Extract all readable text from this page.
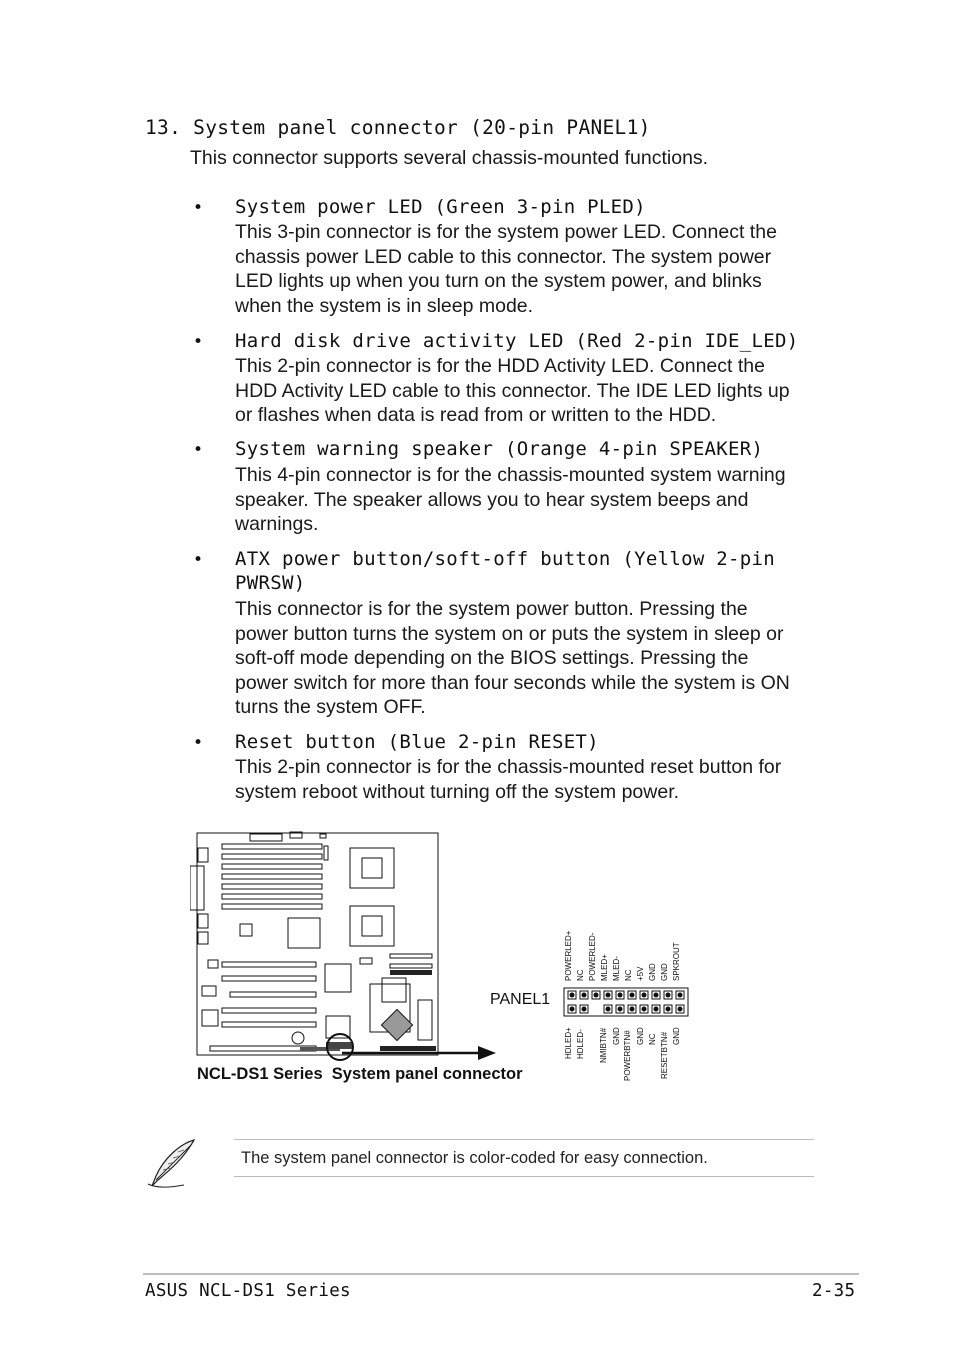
13. System panel connector (20-pin PANEL1)
This connector supports several chassis-mounted functions.
• System power LED (Green 3-pin PLED)
This 3-pin connector is for the system power LED. Connect the
chassis power LED cable to this connector. The system power
LED lights up when you turn on the system power, and blinks
when the system is in sleep mode.
• Hard disk drive activity LED (Red 2-pin IDE_LED)
This 2-pin connector is for the HDD Activity LED. Connect the
HDD Activity LED cable to this connector. The IDE LED lights up
or flashes when data is read from or written to the HDD.
• System warning speaker (Orange 4-pin SPEAKER)
This 4-pin connector is for the chassis-mounted system warning
speaker. The speaker allows you to hear system beeps and
warnings.
• ATX power button/soft-off button (Yellow 2-pin
PWRSW)
This connector is for the system power button. Pressing the
power button turns the system on or puts the system in sleep or
soft-off mode depending on the BIOS settings. Pressing the
power switch for more than four seconds while the system is ON
turns the system OFF.
• Reset button (Blue 2-pin RESET)
This 2-pin connector is for the chassis-mounted reset button for
system reboot without turning off the system power.
NCL-DS1 Series  System panel connector
PANEL1
POWERLED+ NC POWERLED- MLED+ MLED- NC +5V GND GND SPKROUT
HDLED+ HDLED- NMIBTN# GND POWERBTN# GND NC RESETBTN# GND
The system panel connector is color-coded for easy connection.
ASUS NCL-DS1 Series	2-35
